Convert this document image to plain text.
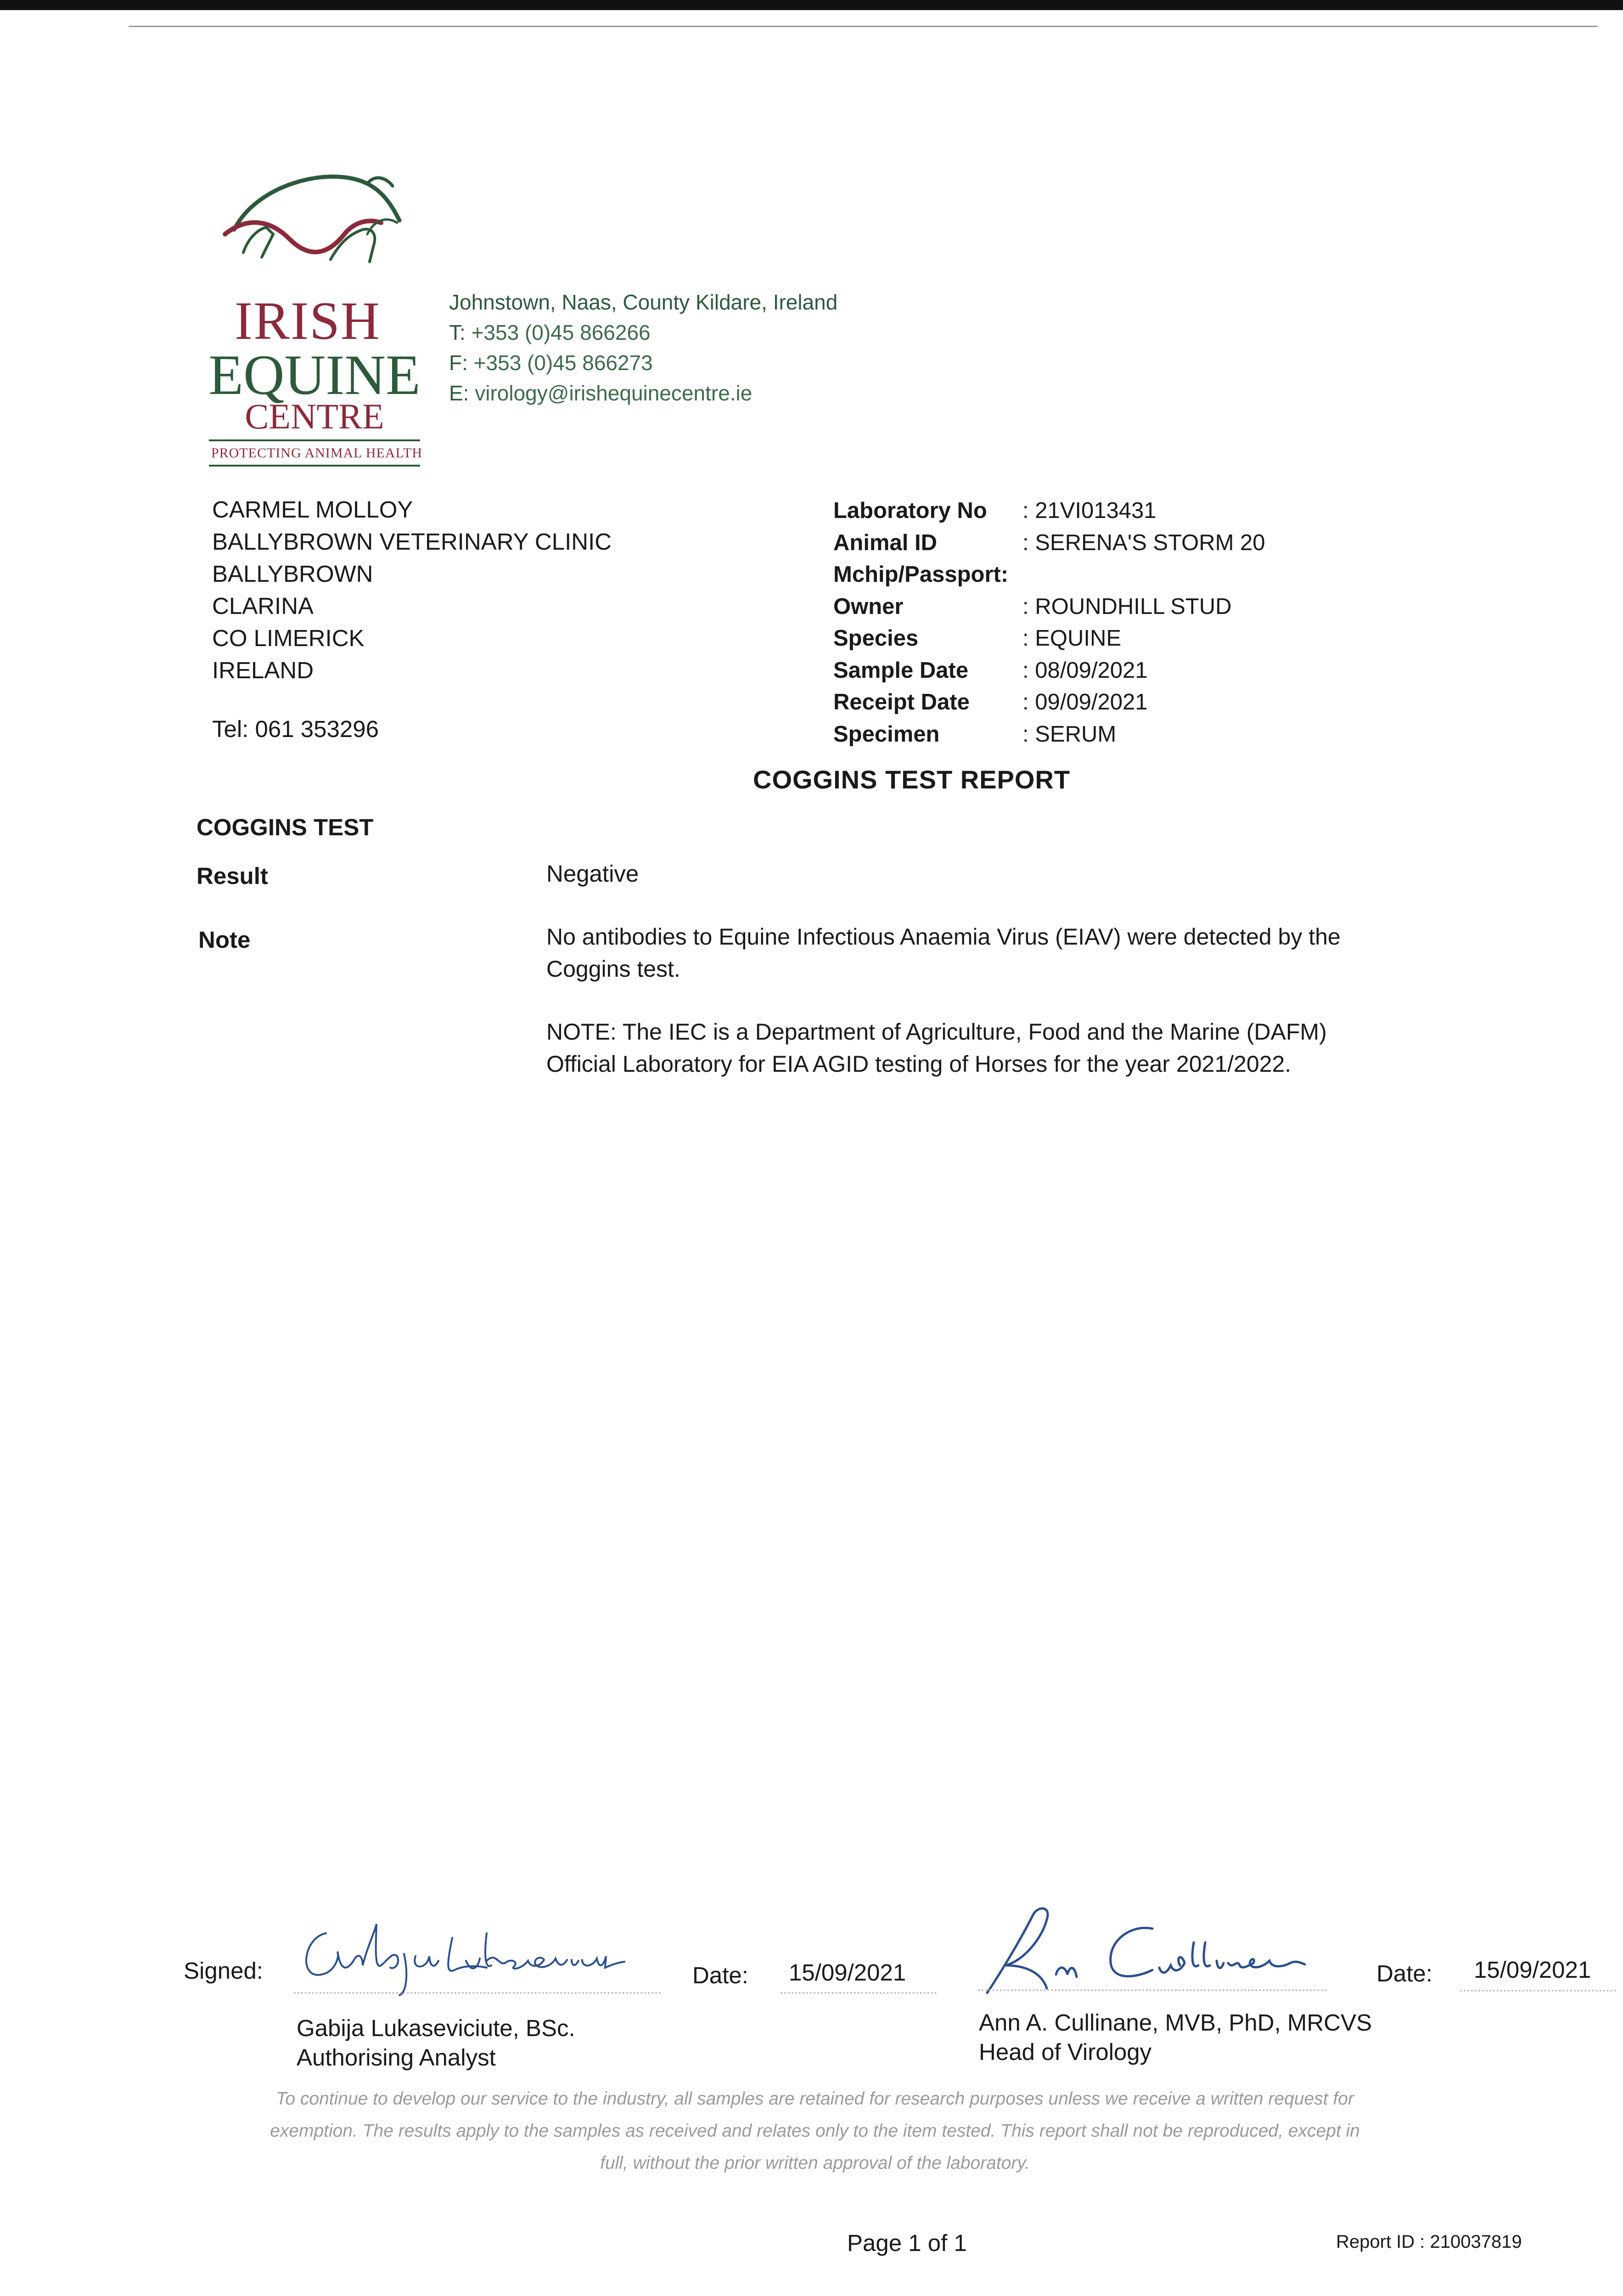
IRISH
EQUINE
CENTRE
PROTECTING ANIMAL HEALTH
Johnstown, Naas, County Kildare, Ireland
T: +353 (0)45 866266
F: +353 (0)45 866273
E: virology@irishequinecentre.ie
CARMEL MOLLOY
BALLYBROWN VETERINARY CLINIC
BALLYBROWN
CLARINA
CO LIMERICK
IRELAND
Tel: 061 353296
Laboratory No : 21VI013431
Animal ID	: SERENA'S STORM 20
Mchip/Passport:
Owner	: ROUNDHILL STUD
Species	: EQUINE
Sample Date : 08/09/2021
Receipt Date : 09/09/2021
Specimen	: SERUM
COGGINS TEST REPORT
COGGINS TEST
Result	Negative
Note	No antibodies to Equine Infectious Anaemia Virus (EIAV) were detected by the Coggins test.
NOTE: The IEC is a Department of Agriculture, Food and the Marine (DAFM) Official Laboratory for EIA AGID testing of Horses for the year 2021/2022.
Signed:	Date: 15/09/2021	Date: 15/09/2021
Gabija Lukaseviciute, BSc.
Authorising Analyst
Ann A. Cullinane, MVB, PhD, MRCVS
Head of Virology
To continue to develop our service to the industry, all samples are retained for research purposes unless we receive a written request for exemption. The results apply to the samples as received and relates only to the item tested. This report shall not be reproduced, except in full, without the prior written approval of the laboratory.
Page 1 of 1	Report ID : 210037819
